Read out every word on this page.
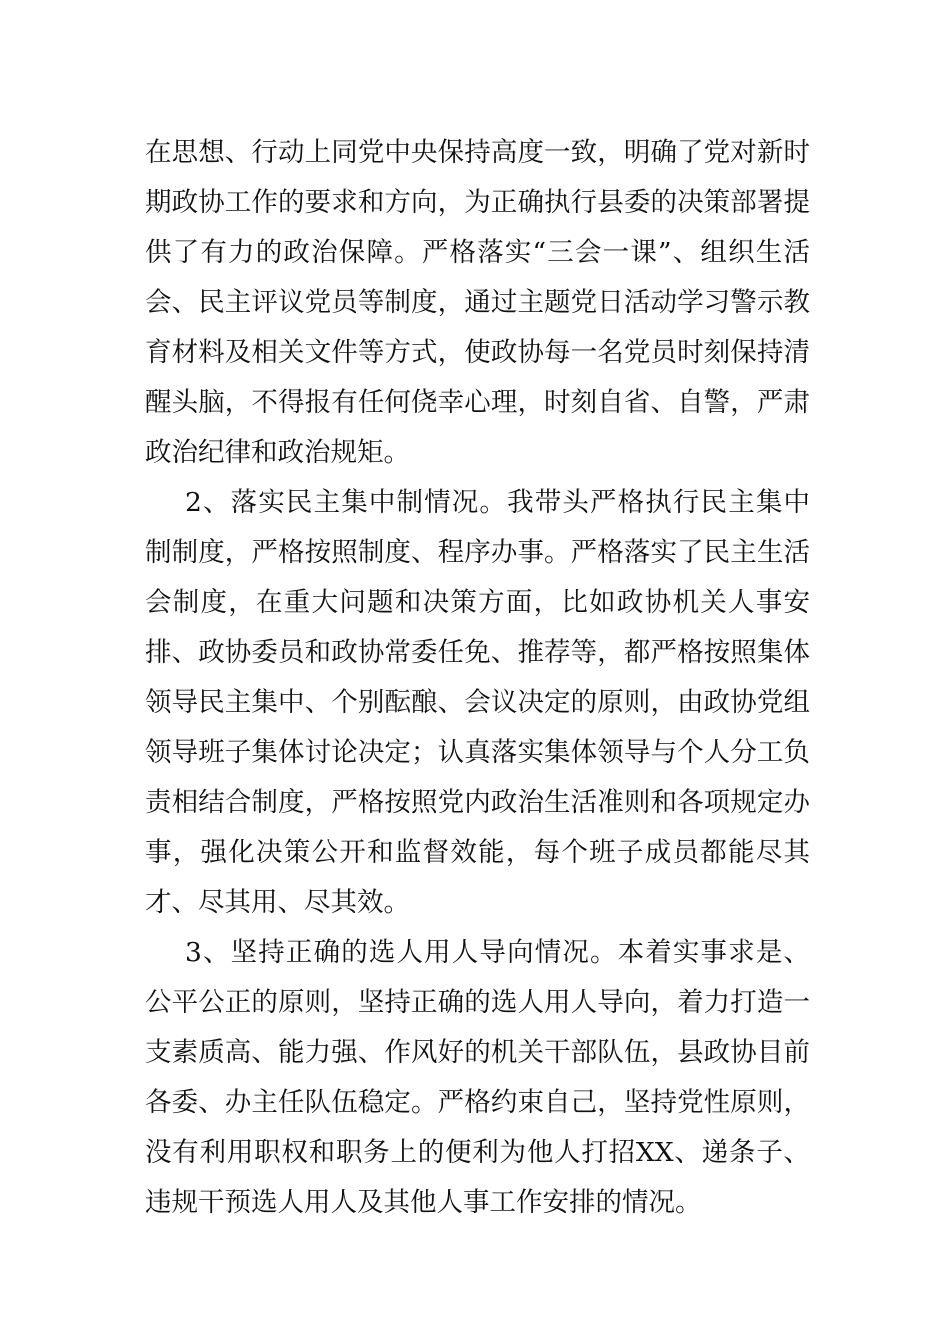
在思想、行动上同党中央保持高度一致，明确了党对新时期政协工作的要求和方向，为正确执行县委的决策部署提供了有力的政治保障。严格落实“三会一课”、组织生活会、民主评议党员等制度，通过主题党日活动学习警示教育材料及相关文件等方式，使政协每一名党员时刻保持清醒头脑，不得报有任何侥幸心理，时刻自省、自警，严肃政治纪律和政治规矩。

2、落实民主集中制情况。我带头严格执行民主集中制制度，严格按照制度、程序办事。严格落实了民主生活会制度，在重大问题和决策方面，比如政协机关人事安排、政协委员和政协常委任免、推荐等，都严格按照集体领导民主集中、个别酝酿、会议决定的原则，由政协党组领导班子集体讨论决定；认真落实集体领导与个人分工负责相结合制度，严格按照党内政治生活准则和各项规定办事，强化决策公开和监督效能，每个班子成员都能尽其才、尽其用、尽其效。

3、坚持正确的选人用人导向情况。本着实事求是、公平公正的原则，坚持正确的选人用人导向，着力打造一支素质高、能力强、作风好的机关干部队伍，县政协目前各委、办主任队伍稳定。严格约束自己，坚持党性原则，没有利用职权和职务上的便利为他人打招XX、递条子、违规干预选人用人及其他人事工作安排的情况。
